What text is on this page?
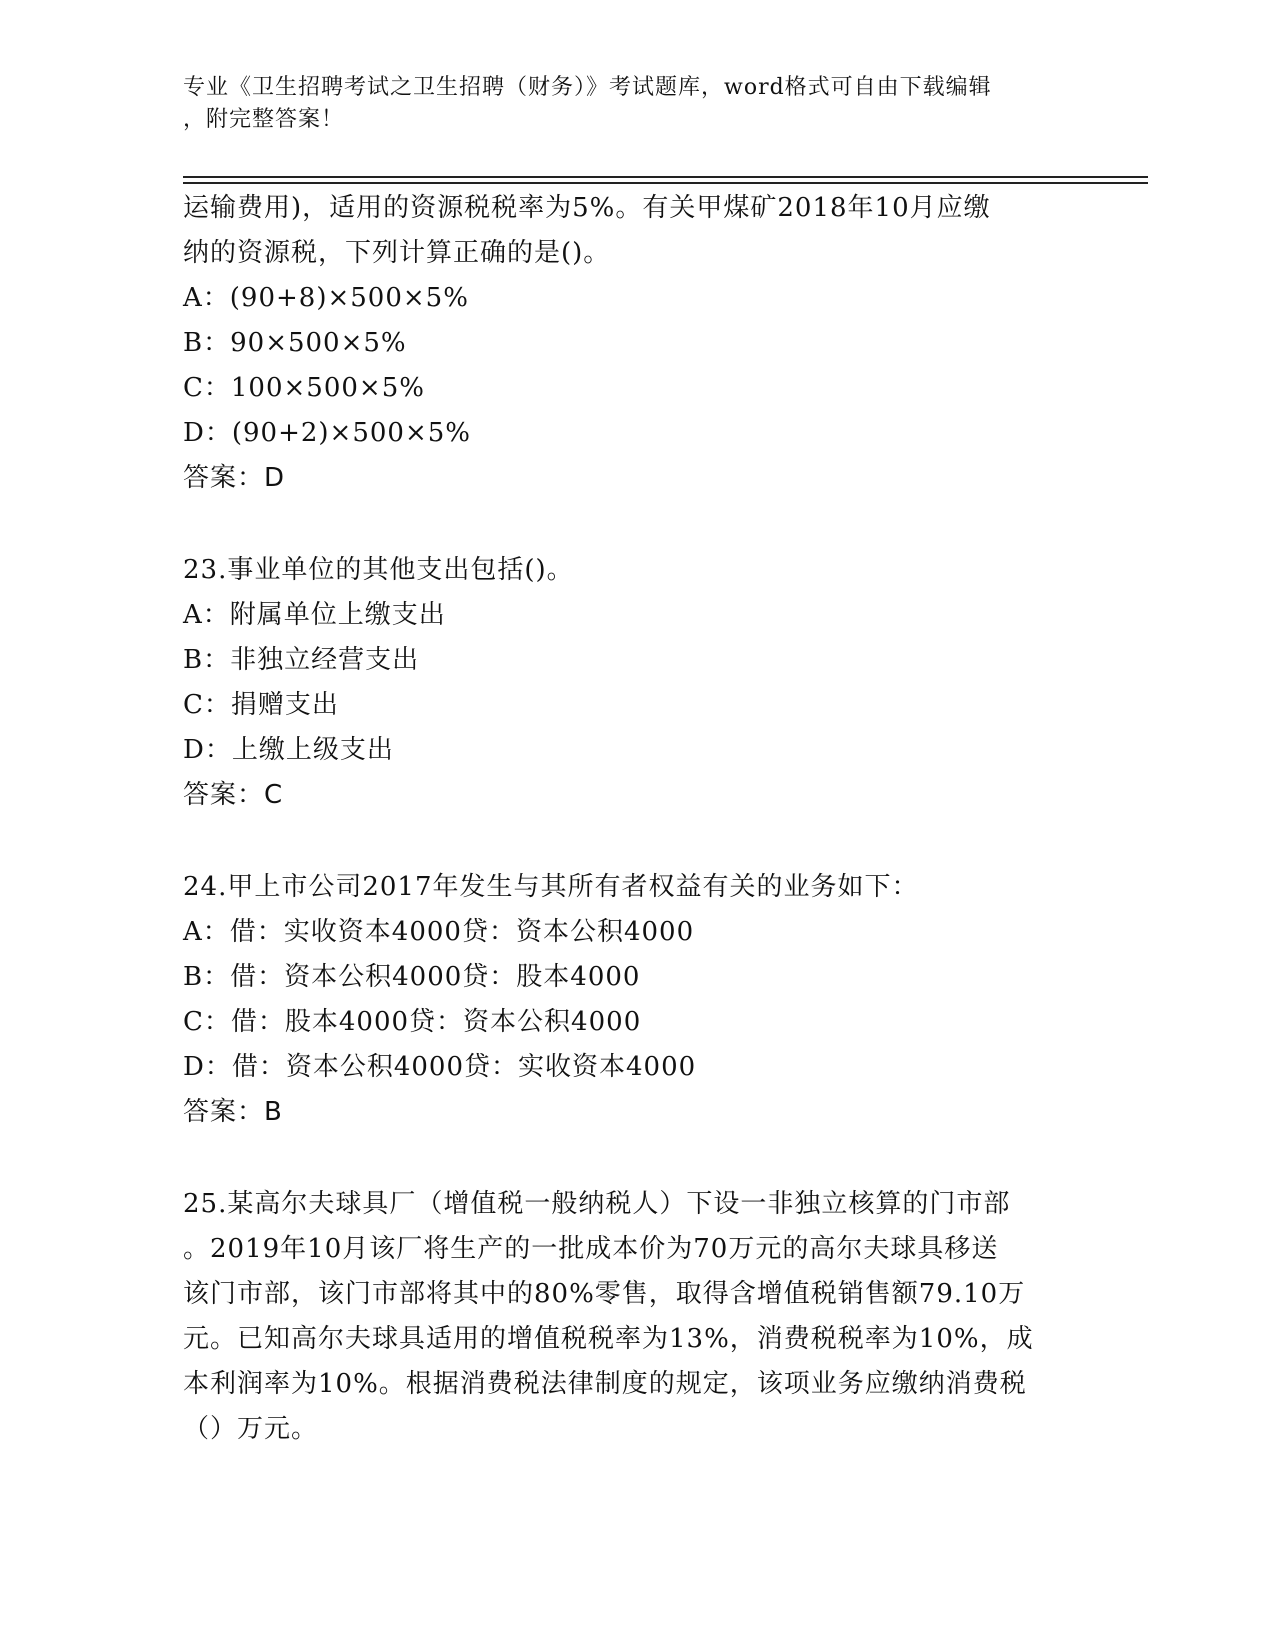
专业《卫生招聘考试之卫生招聘（财务）》考试题库，word格式可自由下载编辑

，附完整答案！

运输费用)，适用的资源税税率为5%。有关甲煤矿2018年10月应缴
纳的资源税，下列计算正确的是()。
A：(90+8)×500×5%
B：90×500×5%
C：100×500×5%
D：(90+2)×500×5%
答案：D
23.事业单位的其他支出包括()。
A：附属单位上缴支出
B：非独立经营支出
C：捐赠支出
D：上缴上级支出
答案：C
24.甲上市公司2017年发生与其所有者权益有关的业务如下：
A：借：实收资本4000贷：资本公积4000
B：借：资本公积4000贷：股本4000
C：借：股本4000贷：资本公积4000
D：借：资本公积4000贷：实收资本4000
答案：B
25.某高尔夫球具厂（增值税一般纳税人）下设一非独立核算的门市部
。2019年10月该厂将生产的一批成本价为70万元的高尔夫球具移送
该门市部，该门市部将其中的80%零售，取得含增值税销售额79.10万
元。已知高尔夫球具适用的增值税税率为13%，消费税税率为10%，成
本利润率为10%。根据消费税法律制度的规定，该项业务应缴纳消费税
（）万元。
